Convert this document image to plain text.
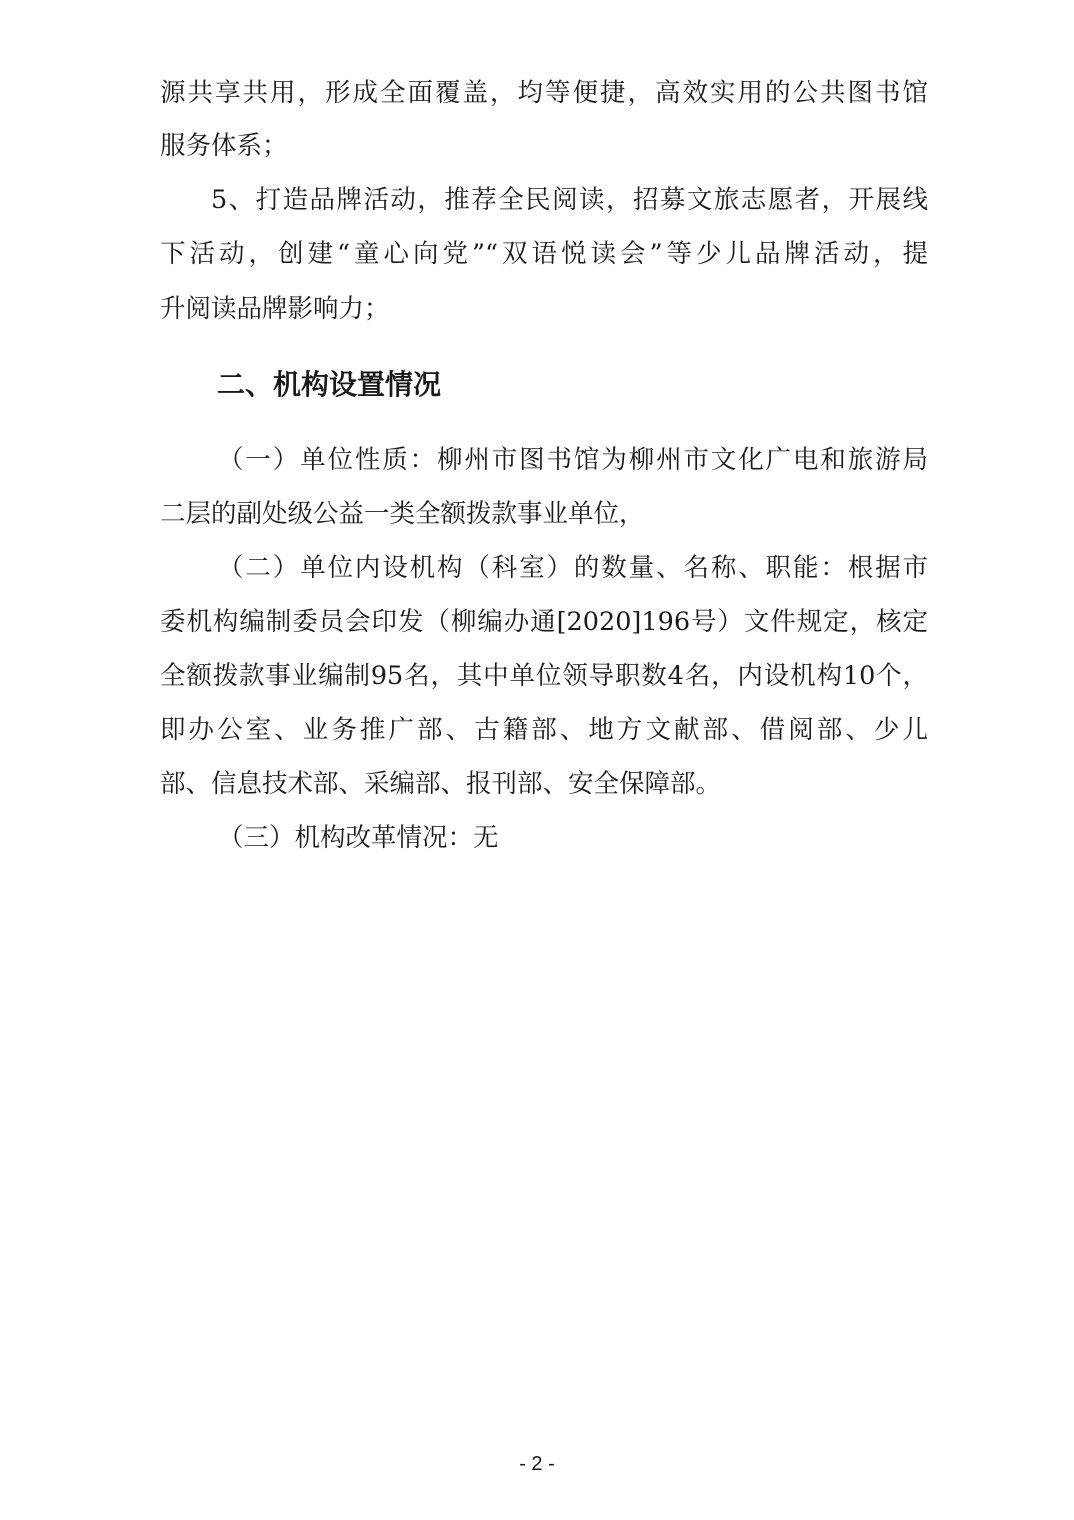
源共享共用，形成全面覆盖，均等便捷，高效实用的公共图书馆
服务体系；
5、打造品牌活动，推荐全民阅读，招募文旅志愿者，开展线
下活动，创建“童心向党”“双语悦读会”等少儿品牌活动，提
升阅读品牌影响力；
二、机构设置情况
（一）单位性质：柳州市图书馆为柳州市文化广电和旅游局
二层的副处级公益一类全额拨款事业单位，
（二）单位内设机构（科室）的数量、名称、职能：根据市
委机构编制委员会印发（柳编办通[2020]196号）文件规定，核定
全额拨款事业编制95名，其中单位领导职数4名，内设机构10个，
即办公室、业务推广部、古籍部、地方文献部、借阅部、少儿
部、信息技术部、采编部、报刊部、安全保障部。
（三）机构改革情况：无
- 2 -
